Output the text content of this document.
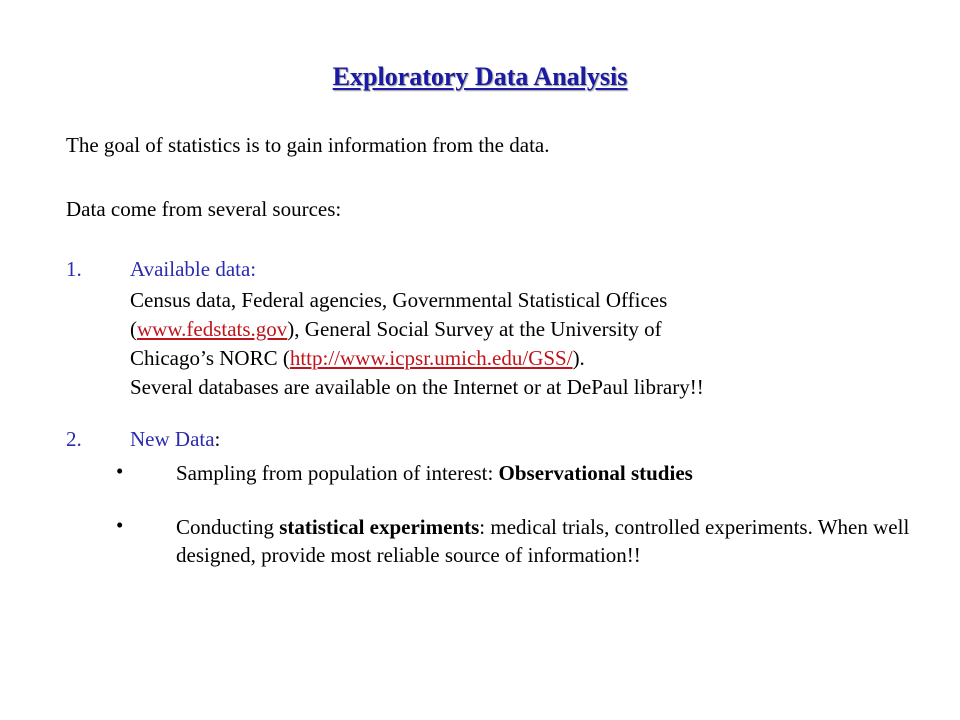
Exploratory Data Analysis
The goal of statistics is to gain information from the data.
Data come from several sources:
1. Available data:
Census data, Federal agencies, Governmental Statistical Offices
(www.fedstats.gov), General Social Survey at the University of
Chicago’s NORC (http://www.icpsr.umich.edu/GSS/).
Several databases are available on the Internet or at DePaul library!!
2. New Data:
•	Sampling from population of interest: Observational studies
•	Conducting statistical experiments: medical trials, controlled experiments. When well designed, provide most reliable source of information!!
